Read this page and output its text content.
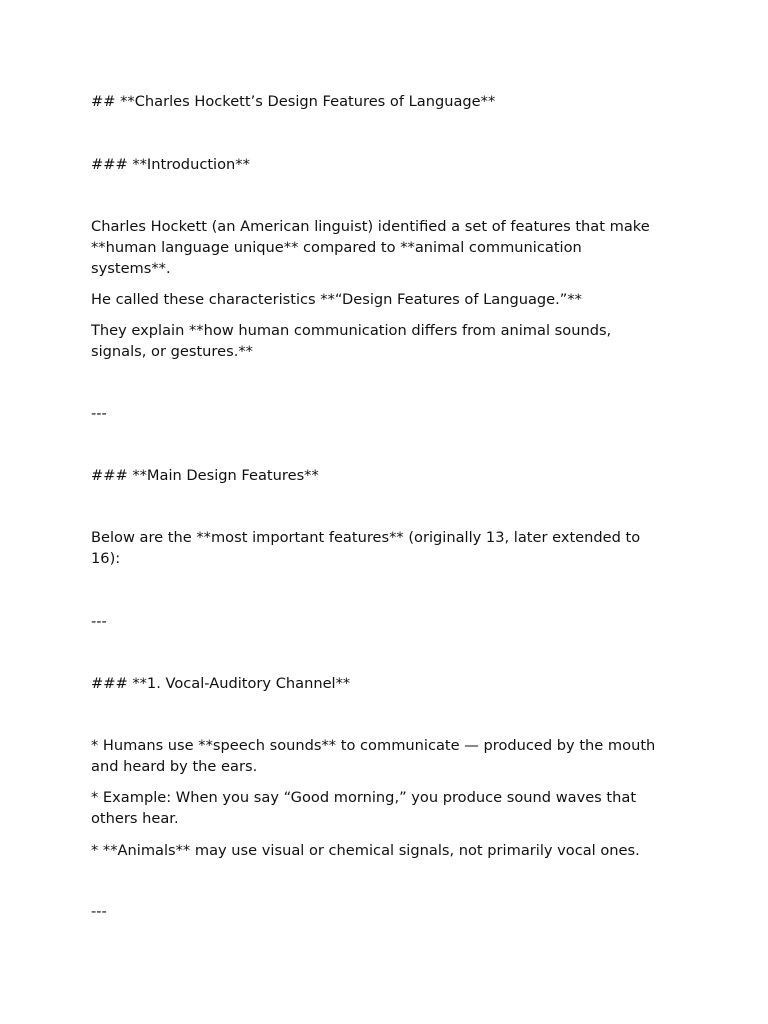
## **Charles Hockett’s Design Features of Language**

### **Introduction**

Charles Hockett (an American linguist) identified a set of features that make

**human language unique** compared to **animal communication

systems**.

He called these characteristics **“Design Features of Language.”**

They explain **how human communication differs from animal sounds,

signals, or gestures.**

---

### **Main Design Features**

Below are the **most important features** (originally 13, later extended to

16):

---

### **1. Vocal-Auditory Channel**

* Humans use **speech sounds** to communicate — produced by the mouth

and heard by the ears.

* Example: When you say “Good morning,” you produce sound waves that

others hear.

* **Animals** may use visual or chemical signals, not primarily vocal ones.

---
